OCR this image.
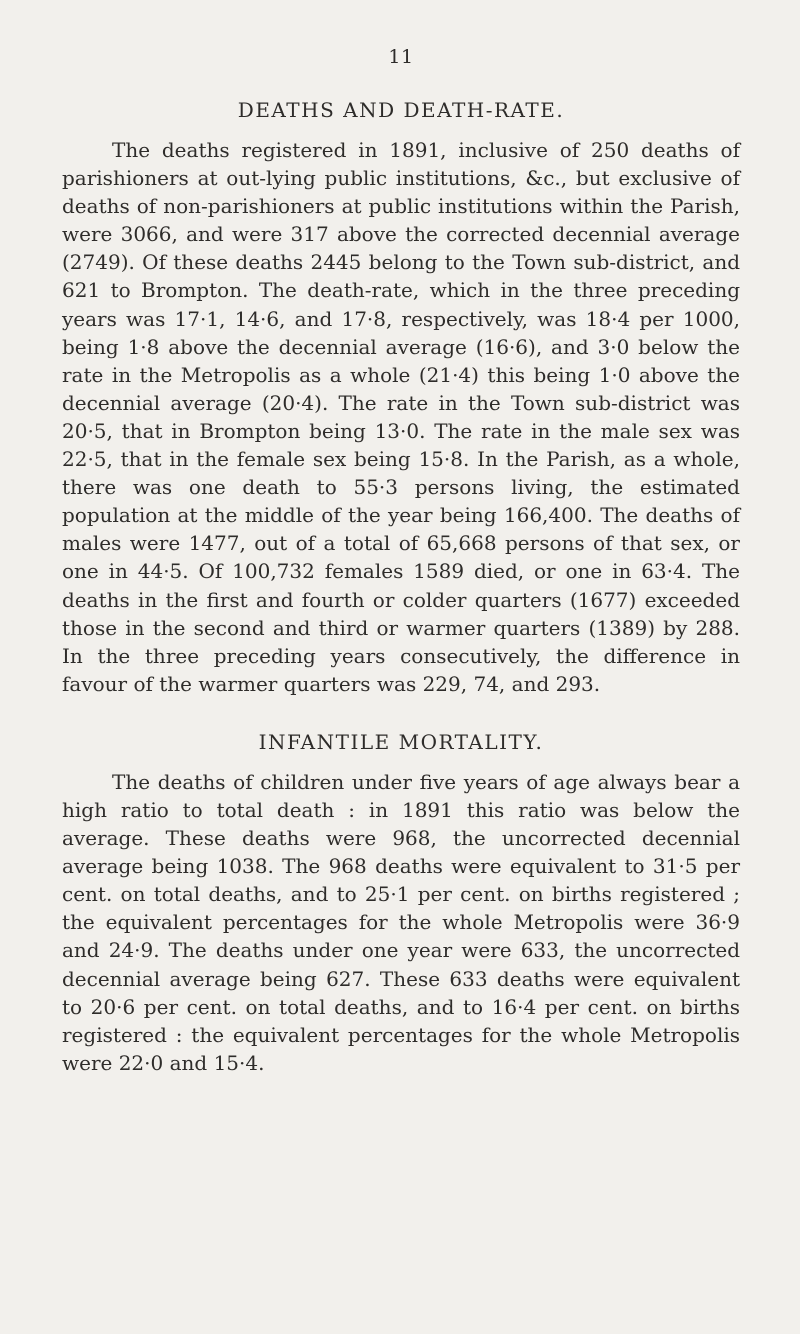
11
DEATHS AND DEATH-RATE.

The deaths registered in 1891, inclusive of 250 deaths of parishioners at out-lying public institutions, &c., but exclusive of deaths of non-parishioners at public institutions within the Parish, were 3066, and were 317 above the corrected decennial average (2749). Of these deaths 2445 belong to the Town sub-district, and 621 to Brompton. The death-rate, which in the three preceding years was 17·1, 14·6, and 17·8, respectively, was 18·4 per 1000, being 1·8 above the decennial average (16·6), and 3·0 below the rate in the Metropolis as a whole (21·4) this being 1·0 above the decennial average (20·4). The rate in the Town sub-district was 20·5, that in Brompton being 13·0. The rate in the male sex was 22·5, that in the female sex being 15·8. In the Parish, as a whole, there was one death to 55·3 persons living, the estimated population at the middle of the year being 166,400. The deaths of males were 1477, out of a total of 65,668 persons of that sex, or one in 44·5. Of 100,732 females 1589 died, or one in 63·4. The deaths in the first and fourth or colder quarters (1677) exceeded those in the second and third or warmer quarters (1389) by 288. In the three preceding years consecutively, the difference in favour of the warmer quarters was 229, 74, and 293.

INFANTILE MORTALITY.

The deaths of children under five years of age always bear a high ratio to total death : in 1891 this ratio was below the average. These deaths were 968, the uncorrected decennial average being 1038. The 968 deaths were equivalent to 31·5 per cent. on total deaths, and to 25·1 per cent. on births registered ; the equivalent percentages for the whole Metropolis were 36·9 and 24·9. The deaths under one year were 633, the uncorrected decennial average being 627. These 633 deaths were equivalent to 20·6 per cent. on total deaths, and to 16·4 per cent. on births registered : the equivalent percentages for the whole Metropolis were 22·0 and 15·4.
